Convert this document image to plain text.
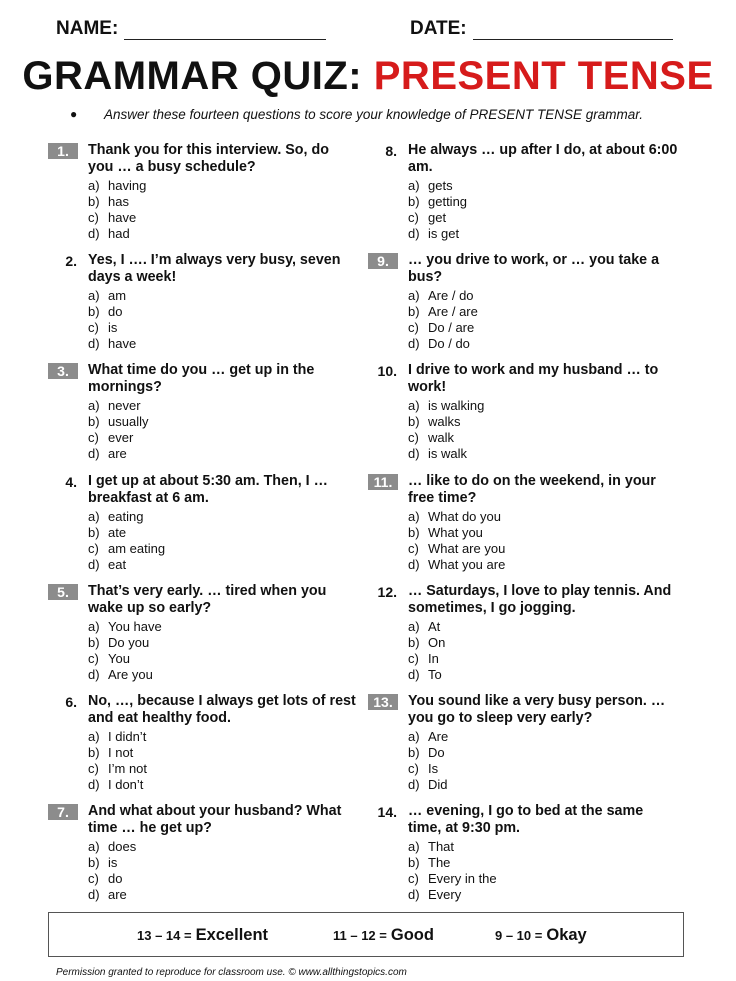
NAME:	DATE:
GRAMMAR QUIZ: PRESENT TENSE
● Answer these fourteen questions to score your knowledge of PRESENT TENSE grammar.
1.	Thank you for this interview. So, do you … a busy schedule?
a) having
b) has
c) have
d) had
2. Yes, I …. I’m always very busy, seven days a week!
a) am
b) do
c) is
d) have
3.	What time do you … get up in the mornings?
a) never
b) usually
c) ever
d) are
4. I get up at about 5:30 am. Then, I … breakfast at 6 am.
a) eating
b) ate
c) am eating
d) eat
5.	That’s very early. … tired when you wake up so early?
a) You have
b) Do you
c) You
d) Are you
6. No, …, because I always get lots of rest and eat healthy food.
a) I didn’t
b) I not
c) I’m not
d) I don’t
7.	And what about your husband? What time … he get up?
a) does
b) is
c) do
d) are
8. He always … up after I do, at about 6:00 am.
a) gets
b) getting
c) get
d) is get
9.	… you drive to work, or … you take a bus?
a) Are / do
b) Are / are
c) Do / are
d) Do / do
10. I drive to work and my husband … to work!
a) is walking
b) walks
c) walk
d) is walk
11.	… like to do on the weekend, in your free time?
a) What do you
b) What you
c) What are you
d) What you are
12. … Saturdays, I love to play tennis. And sometimes, I go jogging.
a) At
b) On
c) In
d) To
13.	You sound like a very busy person. … you go to sleep very early?
a) Are
b) Do
c) Is
d) Did
14. … evening, I go to bed at the same time, at 9:30 pm.
a) That
b) The
c) Every in the
d) Every
13 – 14 = Excellent	11 – 12 = Good	9 – 10 = Okay
Permission granted to reproduce for classroom use. © www.allthingstopics.com
